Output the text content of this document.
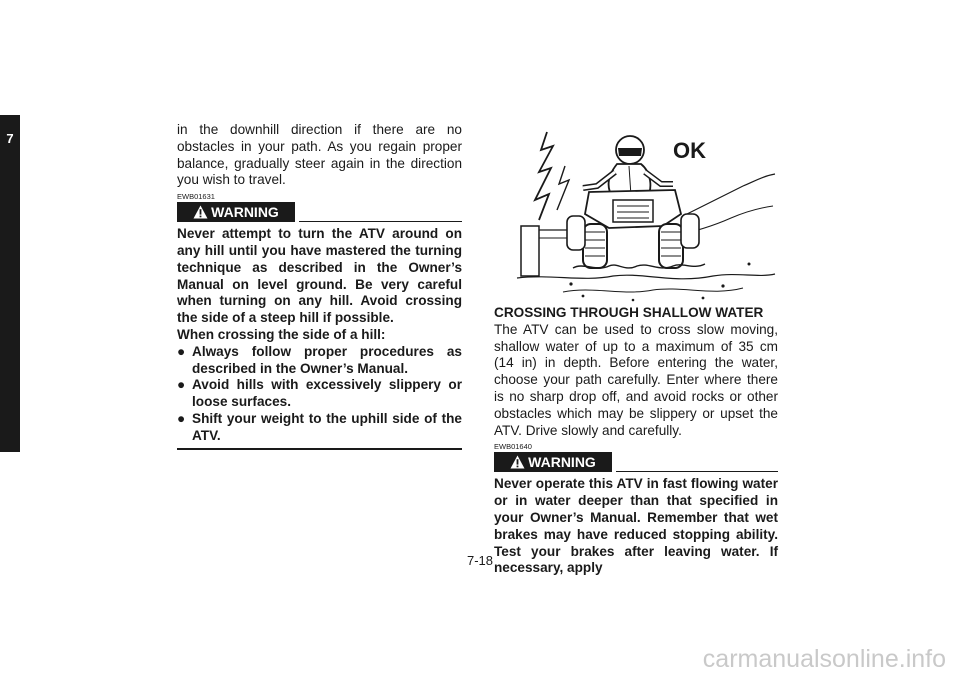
7
in the downhill direction if there are no obstacles in your path. As you regain proper balance, gradually steer again in the direction you wish to travel.
EWB01631
WARNING
Never attempt to turn the ATV around on any hill until you have mastered the turning technique as described in the Owner’s Manual on level ground. Be very careful when turning on any hill. Avoid crossing the side of a steep hill if possible.
When crossing the side of a hill:
● Always follow proper procedures as described in the Owner’s Manual.
● Avoid hills with excessively slippery or loose surfaces.
● Shift your weight to the uphill side of the ATV.
OK
CROSSING THROUGH SHALLOW WATER
The ATV can be used to cross slow moving, shallow water of up to a maximum of 35 cm (14 in) in depth. Before entering the water, choose your path carefully. Enter where there is no sharp drop off, and avoid rocks or other obstacles which may be slippery or upset the ATV. Drive slowly and carefully.
EWB01640
WARNING
Never operate this ATV in fast flowing water or in water deeper than that specified in your Owner’s Manual. Remember that wet brakes may have reduced stopping ability. Test your brakes after leaving water. If necessary, apply
7-18
carmanualsonline.info
